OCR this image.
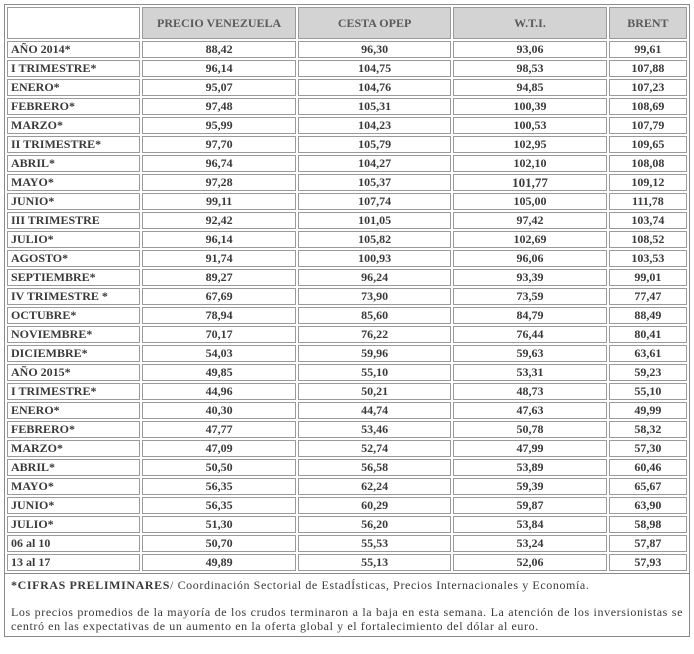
	PRECIO VENEZUELA	CESTA OPEP	W.T.I.	BRENT
AÑO 2014*	88,42	96,30	93,06	99,61
I TRIMESTRE*	96,14	104,75	98,53	107,88
ENERO*	95,07	104,76	94,85	107,23
FEBRERO*	97,48	105,31	100,39	108,69
MARZO*	95,99	104,23	100,53	107,79
II TRIMESTRE*	97,70	105,79	102,95	109,65
ABRIL*	96,74	104,27	102,10	108,08
MAYO*	97,28	105,37	101,77	109,12
JUNIO*	99,11	107,74	105,00	111,78
III TRIMESTRE	92,42	101,05	97,42	103,74
JULIO*	96,14	105,82	102,69	108,52
AGOSTO*	91,74	100,93	96,06	103,53
SEPTIEMBRE*	89,27	96,24	93,39	99,01
IV TRIMESTRE *	67,69	73,90	73,59	77,47
OCTUBRE*	78,94	85,60	84,79	88,49
NOVIEMBRE*	70,17	76,22	76,44	80,41
DICIEMBRE*	54,03	59,96	59,63	63,61
AÑO 2015*	49,85	55,10	53,31	59,23
I TRIMESTRE*	44,96	50,21	48,73	55,10
ENERO*	40,30	44,74	47,63	49,99
FEBRERO*	47,77	53,46	50,78	58,32
MARZO*	47,09	52,74	47,99	57,30
ABRIL*	50,50	56,58	53,89	60,46
MAYO*	56,35	62,24	59,39	65,67
JUNIO*	56,35	60,29	59,87	63,90
JULIO*	51,30	56,20	53,84	58,98
06 al 10	50,70	55,53	53,24	57,87
13 al 17	49,89	55,13	52,06	57,93
*CIFRAS PRELIMINARES/ Coordinación Sectorial de EstadÍsticas, Precios Internacionales y Economía.
Los precios promedios de la mayoría de los crudos terminaron a la baja en esta semana. La atención de los inversionistas se centró en las expectativas de un aumento en la oferta global y el fortalecimiento del dólar al euro.
